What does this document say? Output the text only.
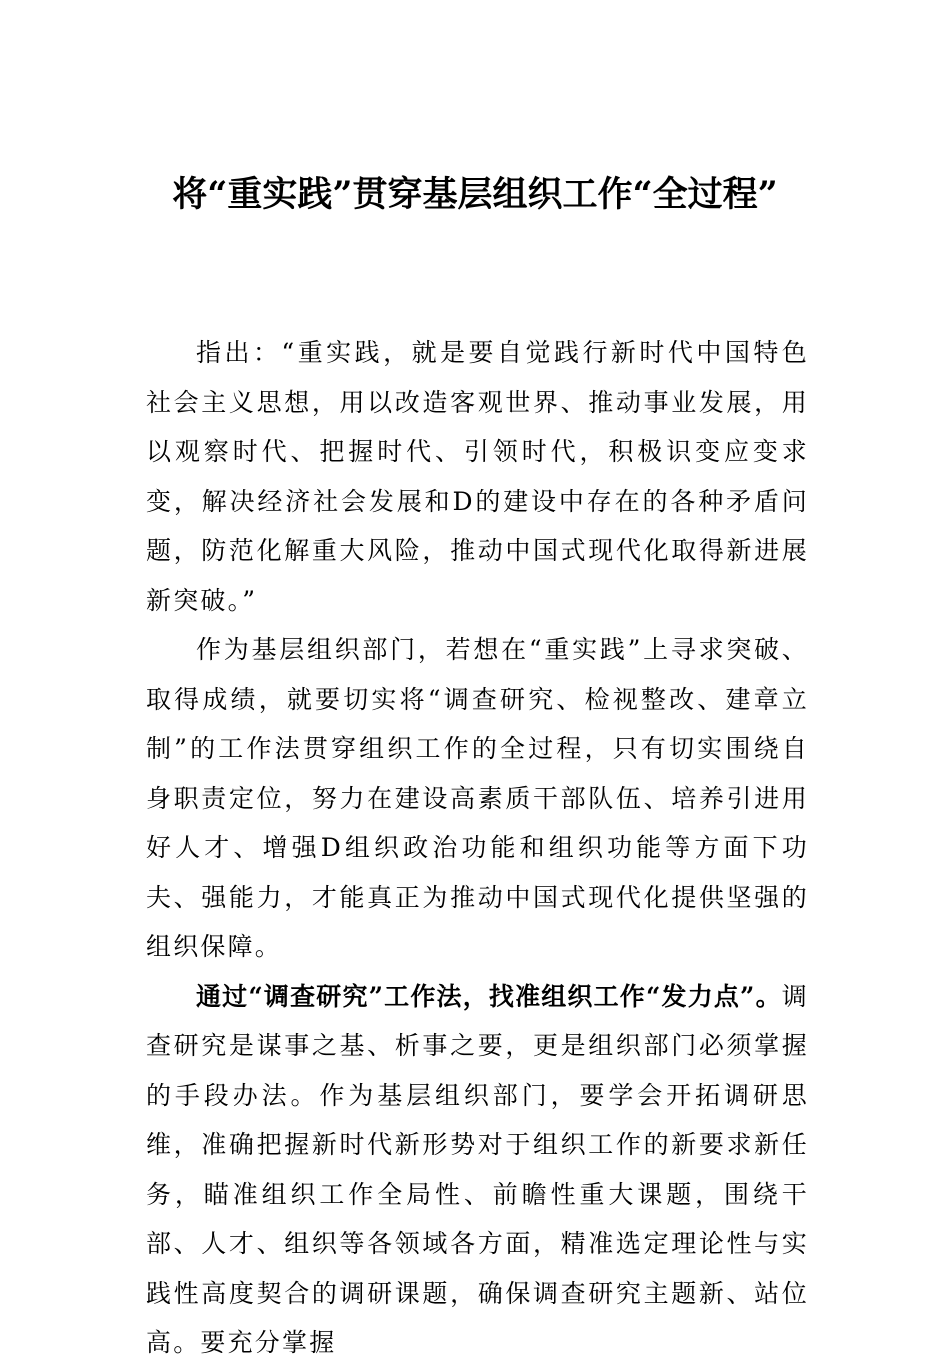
将“重实践”贯穿基层组织工作“全过程”

指出：“重实践，就是要自觉践行新时代中国特色社会主义思想，用以改造客观世界、推动事业发展，用以观察时代、把握时代、引领时代，积极识变应变求变，解决经济社会发展和D的建设中存在的各种矛盾问题，防范化解重大风险，推动中国式现代化取得新进展新突破。”

作为基层组织部门，若想在“重实践”上寻求突破、取得成绩，就要切实将“调查研究、检视整改、建章立制”的工作法贯穿组织工作的全过程，只有切实围绕自身职责定位，努力在建设高素质干部队伍、培养引进用好人才、增强D组织政治功能和组织功能等方面下功夫、强能力，才能真正为推动中国式现代化提供坚强的组织保障。

通过“调查研究”工作法，找准组织工作“发力点”。调查研究是谋事之基、析事之要，更是组织部门必须掌握的手段办法。作为基层组织部门，要学会开拓调研思维，准确把握新时代新形势对于组织工作的新要求新任务，瞄准组织工作全局性、前瞻性重大课题，围绕干部、人才、组织等各领域各方面，精准选定理论性与实践性高度契合的调研课题，确保调查研究主题新、站位高。要充分掌握
